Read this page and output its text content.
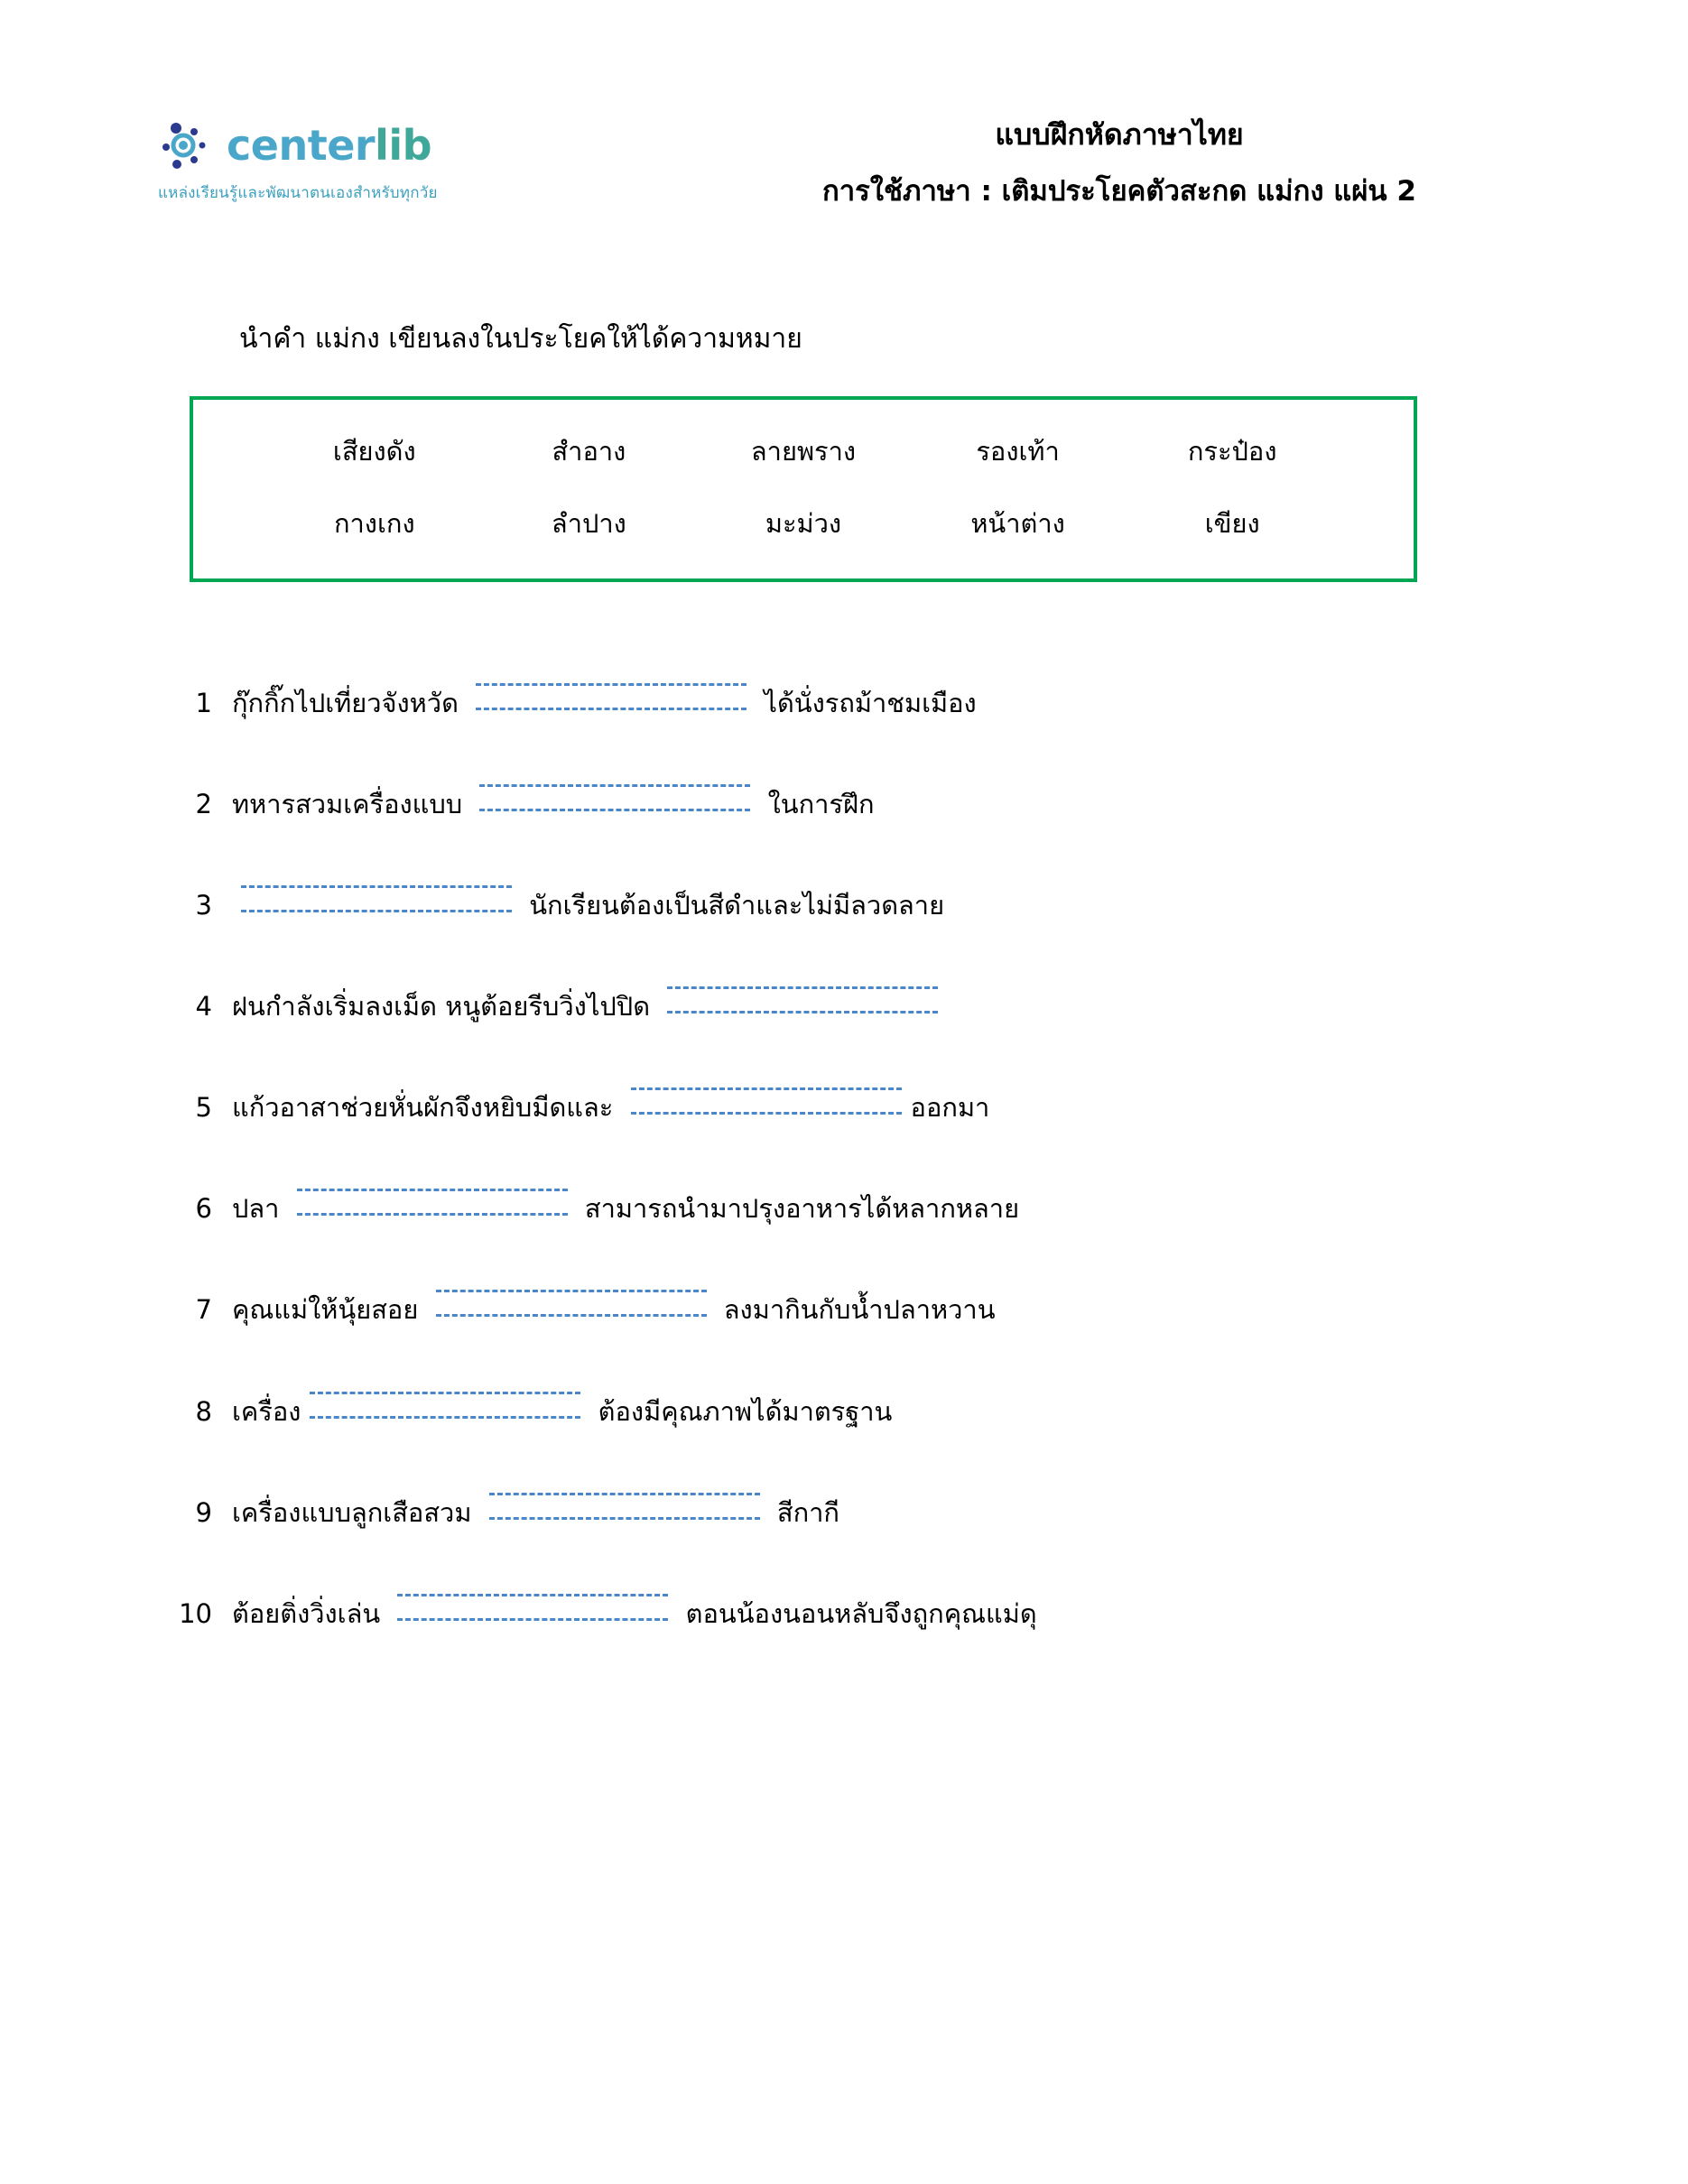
centerlib
แหล่งเรียนรู้และพัฒนาตนเองสำหรับทุกวัย
แบบฝึกหัดภาษาไทย
การใช้ภาษา : เติมประโยคตัวสะกด แม่กง แผ่น 2
นำคำ แม่กง เขียนลงในประโยคให้ได้ความหมาย
เสียงดัง	สำอาง	ลายพราง	รองเท้า	กระป๋อง
กางเกง	ลำปาง	มะม่วง	หน้าต่าง	เขียง
1 กุ๊กกิ๊กไปเที่ยวจังหวัด	ได้นั่งรถม้าชมเมือง
2 ทหารสวมเครื่องแบบ	ในการฝึก
3	นักเรียนต้องเป็นสีดำและไม่มีลวดลาย
4 ฝนกำลังเริ่มลงเม็ด หนูต้อยรีบวิ่งไปปิด
5 แก้วอาสาช่วยหั่นผักจึงหยิบมีดและ	ออกมา
6 ปลา	สามารถนำมาปรุงอาหารได้หลากหลาย
7 คุณแม่ให้นุ้ยสอย	ลงมากินกับน้ำปลาหวาน
8 เครื่อง	ต้องมีคุณภาพได้มาตรฐาน
9 เครื่องแบบลูกเสือสวม	สีกากี
10 ต้อยติ่งวิ่งเล่น	ตอนน้องนอนหลับจึงถูกคุณแม่ดุ
